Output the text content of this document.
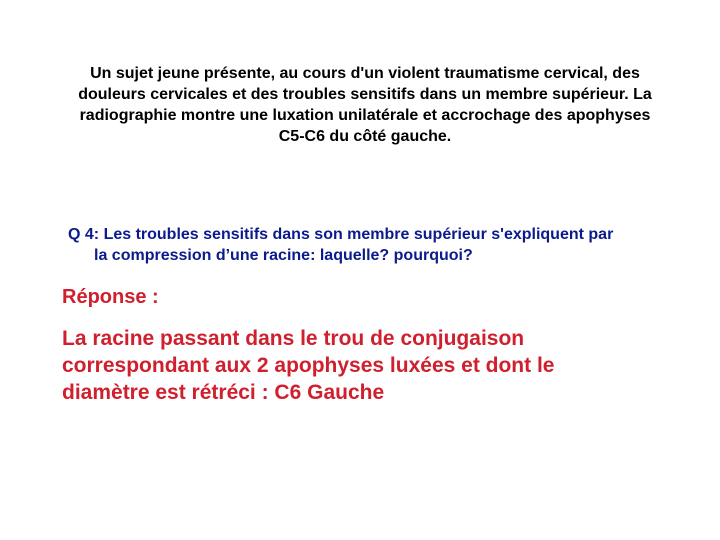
Un sujet jeune présente, au cours d'un violent traumatisme cervical, des
douleurs cervicales et des troubles sensitifs dans un membre supérieur. La
radiographie montre une luxation unilatérale et accrochage des apophyses
C5-C6 du côté gauche.
Q 4: Les troubles sensitifs dans son membre supérieur s'expliquent par
la compression d’une racine: laquelle? pourquoi?
Réponse :
La racine passant dans le trou de conjugaison
correspondant aux 2 apophyses luxées et dont le
diamètre est rétréci : C6 Gauche
